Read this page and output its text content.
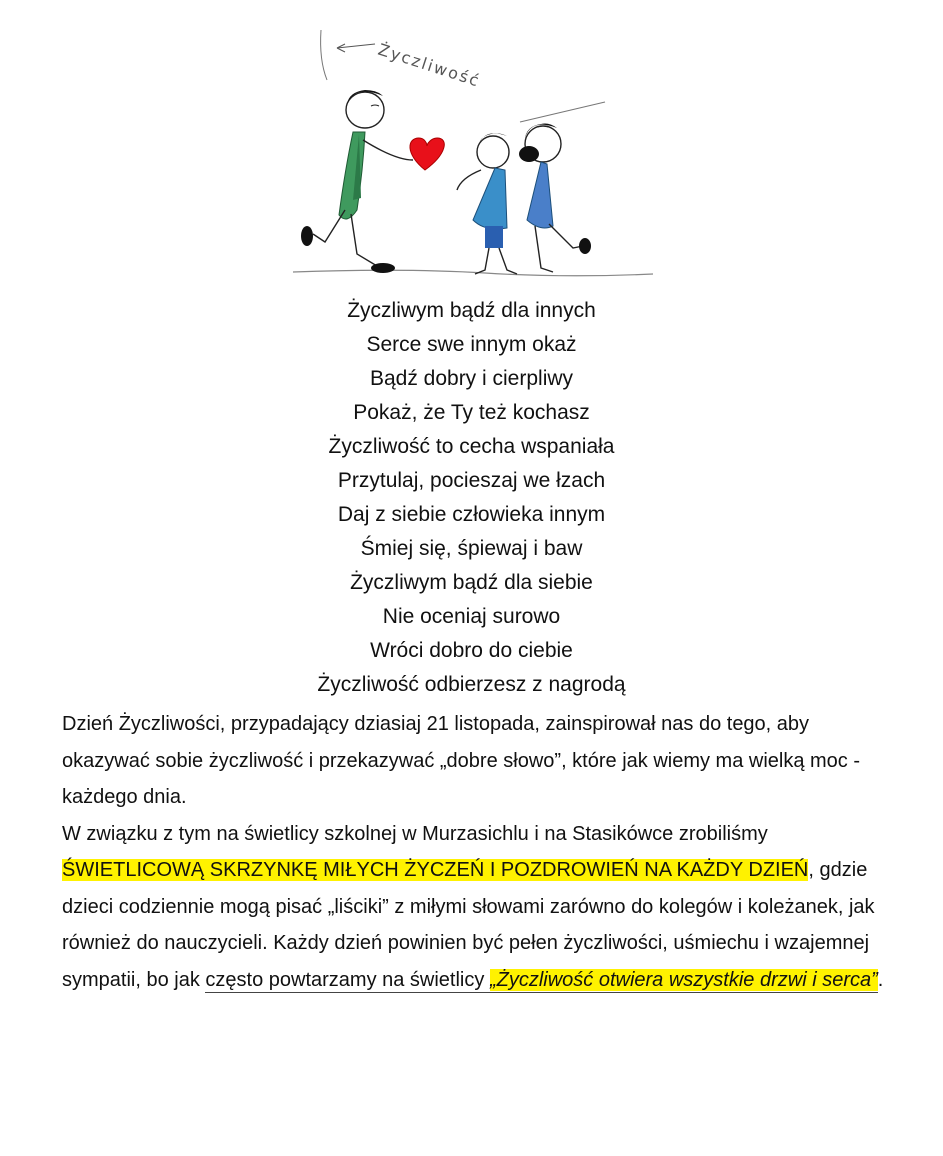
Życzliwość
Życzliwym bądź dla innych
Serce swe innym okaż
Bądź dobry i cierpliwy
Pokaż, że Ty też kochasz
Życzliwość to cecha wspaniała
Przytulaj, pocieszaj we łzach
Daj z siebie człowieka innym
Śmiej się, śpiewaj i baw
Życzliwym bądź dla siebie
Nie oceniaj surowo
Wróci dobro do ciebie
Życzliwość odbierzesz z nagrodą

Dzień Życzliwości, przypadający dziasiaj 21 listopada, zainspirował nas do tego, aby okazywać sobie życzliwość i przekazywać „dobre słowo”, które jak wiemy ma wielką moc - każdego dnia.

W związku z tym na świetlicy szkolnej w Murzasichlu i na Stasikówce zrobiliśmy ŚWIETLICOWĄ SKRZYNKĘ MIŁYCH ŻYCZEŃ I POZDROWIEŃ NA KAŻDY DZIEŃ, gdzie dzieci codziennie mogą pisać „liściki” z miłymi słowami zarówno do kolegów i koleżanek, jak również do nauczycieli. Każdy dzień powinien być pełen życzliwości, uśmiechu i wzajemnej sympatii, bo jak często powtarzamy na świetlicy „Życzliwość otwiera wszystkie drzwi i serca”.
